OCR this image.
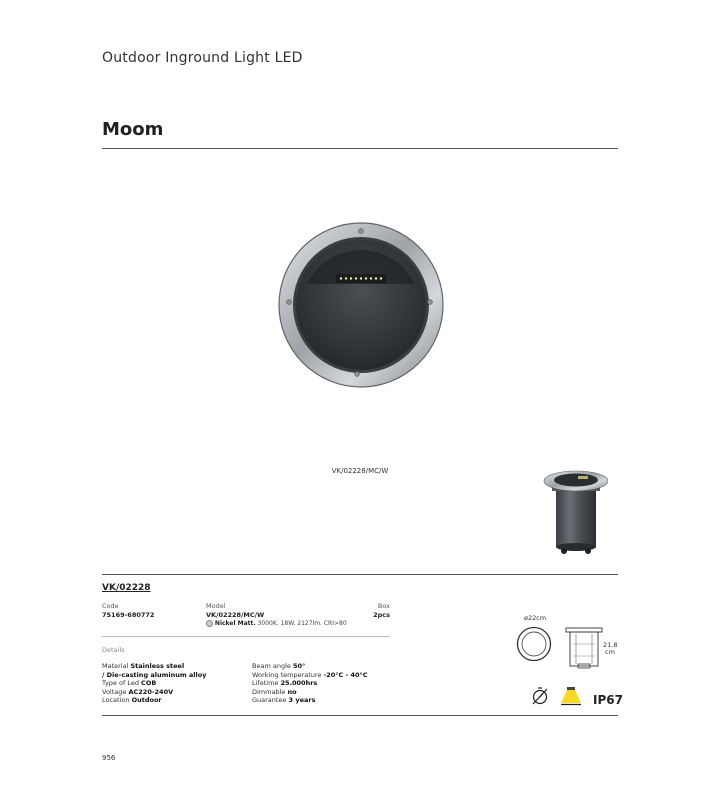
Outdoor Inground Light LED
Moom
VK/02228/MC/W
VK/02228
Code
75169-680772
Model
VK/02228/MC/W
Box
2pcs
Nickel Matt. 3000K. 18W. 2127lm. CRI>80
Details
Material Stainless steel
/ Die-casting aluminum alloy
Type of Led COB
Voltage AC220-240V
Location Outdoor
Beam angle 50°
Working temperature -20°C - 40°C
Lifetime 25.000hrs
Dimmable no
Guarantee 3 years
ø22cm
21.8
cm
IP67
956
